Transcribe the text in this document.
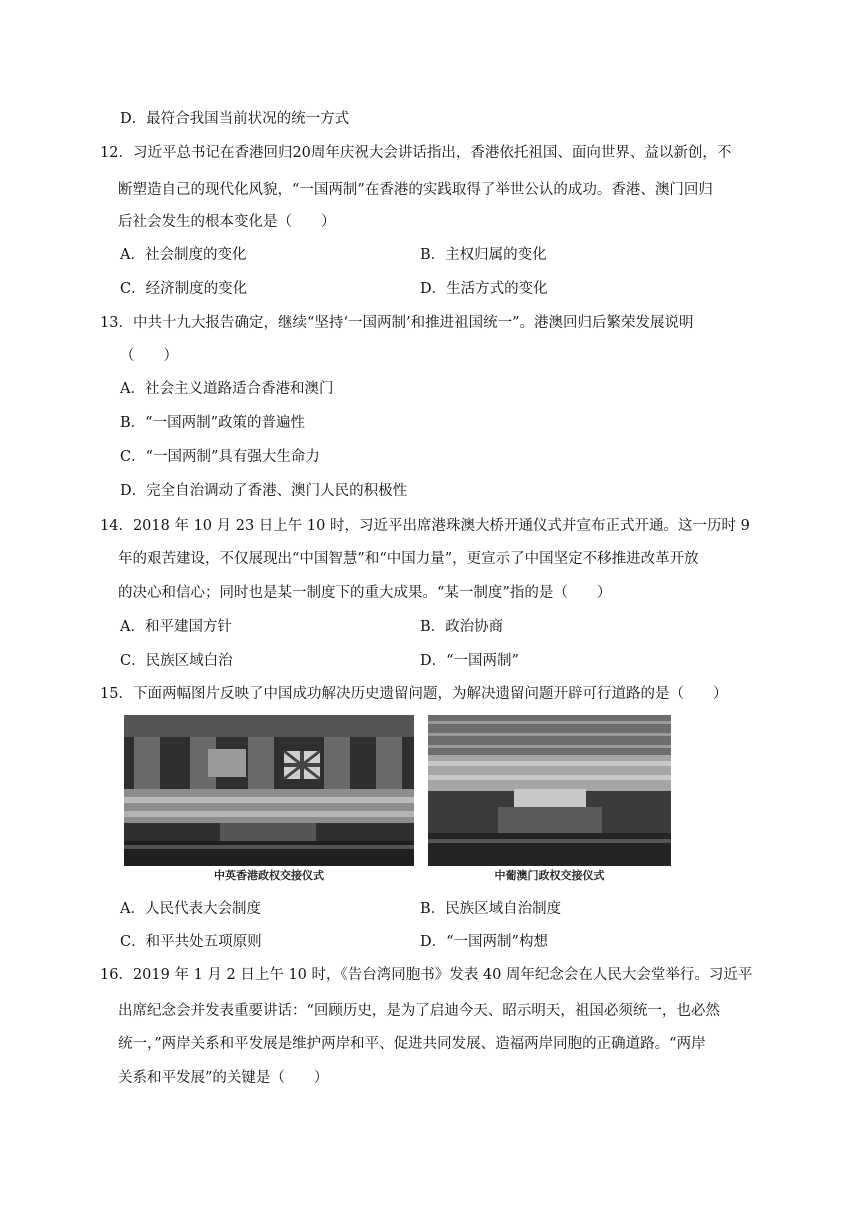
D．最符合我国当前状况的统一方式
12．习近平总书记在香港回归20周年庆祝大会讲话指出，香港依托祖国、面向世界、益以新创，不
断塑造自己的现代化风貌，“一国两制”在香港的实践取得了举世公认的成功。香港、澳门回归
后社会发生的根本变化是（　　）
A．社会制度的变化	B．主权归属的变化
C．经济制度的变化	D．生活方式的变化
13．中共十九大报告确定，继续“坚持‘一国两制’和推进祖国统一”。港澳回归后繁荣发展说明
（　　）
A．社会主义道路适合香港和澳门
B．“一国两制”政策的普遍性
C．“一国两制”具有强大生命力
D．完全自治调动了香港、澳门人民的积极性
14．2018 年 10 月 23 日上午 10 时，习近平出席港珠澳大桥开通仪式并宣布正式开通。这一历时 9
年的艰苦建设，不仅展现出“中国智慧”和“中国力量”，更宣示了中国坚定不移推进改革开放
的决心和信心；同时也是某一制度下的重大成果。“某一制度”指的是（　　）
A．和平建国方针	B．政治协商
C．民族区域白治	D．“一国两制”
15．下面两幅图片反映了中国成功解决历史遗留问题，为解决遗留问题开辟可行道路的是（　　）
中英香港政权交接仪式	中葡澳门政权交接仪式
A．人民代表大会制度	B．民族区域自治制度
C．和平共处五项原则	D．“一国两制”构想
16．2019 年 1 月 2 日上午 10 时，《告台湾同胞书》发表 40 周年纪念会在人民大会堂举行。习近平
出席纪念会并发表重要讲话：“回顾历史，是为了启迪今天、昭示明天，祖国必须统一，也必然
统一，”两岸关系和平发展是维护两岸和平、促进共同发展、造福两岸同胞的正确道路。“两岸
关系和平发展”的关键是（　　）
